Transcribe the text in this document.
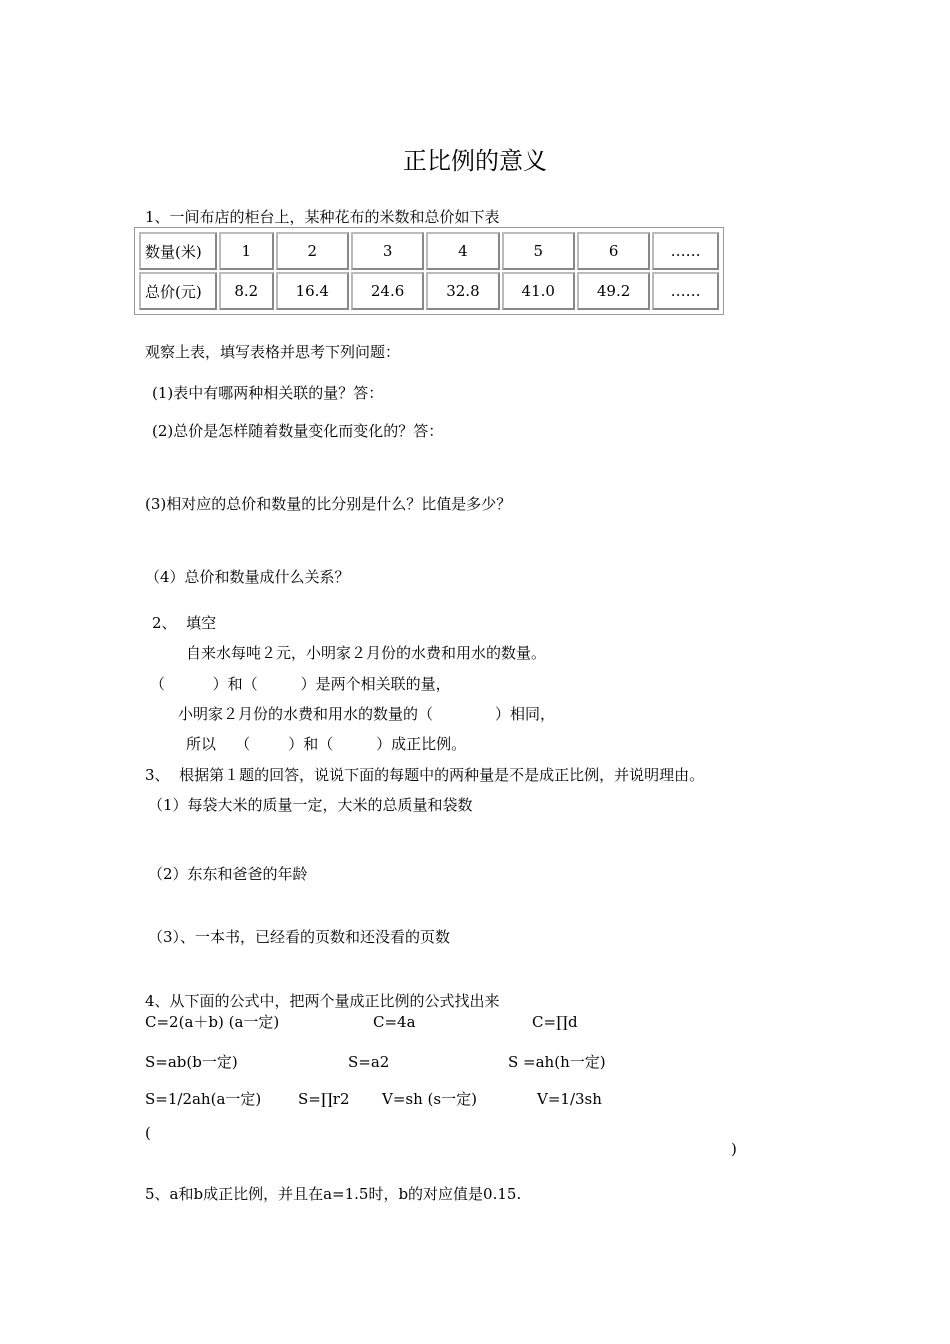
正比例的意义
1、一间布店的柜台上，某种花布的米数和总价如下表
数量(米)	1	2	3	4	5	6	……
总价(元)	8.2	16.4	24.6	32.8	41.0	49.2	……
观察上表，填写表格并思考下列问题：
(1)表中有哪两种相关联的量？答：
(2)总价是怎样随着数量变化而变化的？答：
(3)相对应的总价和数量的比分别是什么？比值是多少？
（4）总价和数量成什么关系？
2、  填空
自来水每吨２元，小明家２月份的水费和用水的数量。
（          ）和（         ）是两个相关联的量，
小明家２月份的水费和用水的数量的（             ）相同，
所以    （        ）和（         ）成正比例。
3、  根据第１题的回答，说说下面的每题中的两种量是不是成正比例，并说明理由。
（1）每袋大米的质量一定，大米的总质量和袋数
（2）东东和爸爸的年龄
（3）、一本书，已经看的页数和还没看的页数
4、从下面的公式中，把两个量成正比例的公式找出来
C=2(a＋b) (a一定)	C=4a	C=∏d
S=ab(b一定)	S=a2	S =ah(h一定)
S=1/2ah(a一定) S=∏r2 V=sh (s一定)	V=1/3sh
(
)
5、a和b成正比例，并且在a=1.5时，b的对应值是0.15.
